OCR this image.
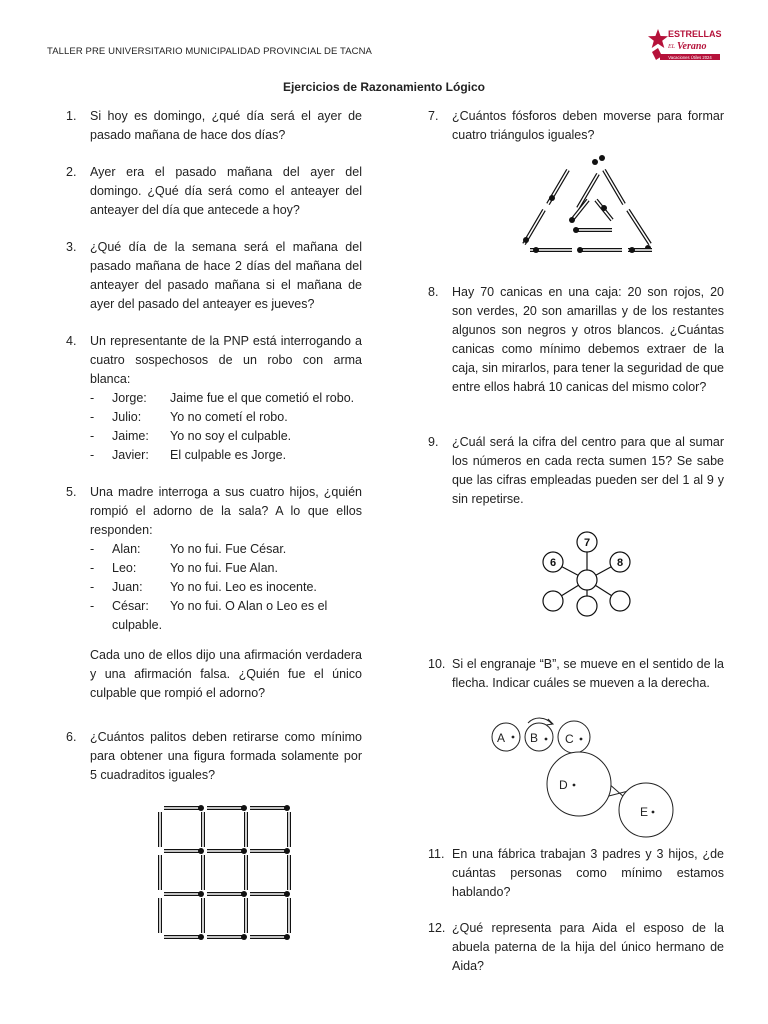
TALLER PRE UNIVERSITARIO MUNICIPALIDAD PROVINCIAL DE TACNA
ESTRELLAS
EL Verano
Vacaciones Útiles 2024
Ejercicios de Razonamiento Lógico
1.	Si hoy es domingo, ¿qué día será el ayer de pasado mañana de hace dos días?
2.	Ayer era el pasado mañana del ayer del domingo. ¿Qué día será como el anteayer del anteayer del día que antecede a hoy?
3.	¿Qué día de la semana será el mañana del pasado mañana de hace 2 días del mañana del anteayer del pasado mañana si el mañana de ayer del pasado del anteayer es jueves?
4.	Un representante de la PNP está interrogando a cuatro sospechosos de un robo con arma blanca:
- Jorge: Jaime fue el que cometió el robo.
- Julio: Yo no cometí el robo.
- Jaime: Yo no soy el culpable.
- Javier: El culpable es Jorge.
5.	Una madre interroga a sus cuatro hijos, ¿quién rompió el adorno de la sala? A lo que ellos responden:
- Alan: Yo no fui. Fue César.
- Leo:	Yo no fui. Fue Alan.
- Juan: Yo no fui. Leo es inocente.
- César: Yo no fui. O Alan o Leo es el culpable.
Cada uno de ellos dijo una afirmación verdadera y una afirmación falsa. ¿Quién fue el único culpable que rompió el adorno?
6.	¿Cuántos palitos deben retirarse como mínimo para obtener una figura formada solamente por 5 cuadraditos iguales?
7.	¿Cuántos fósforos deben moverse para formar cuatro triángulos iguales?
8.	Hay 70 canicas en una caja: 20 son rojos, 20 son verdes, 20 son amarillas y de los restantes algunos son negros y otros blancos. ¿Cuántas canicas como mínimo debemos extraer de la caja, sin mirarlos, para tener la seguridad de que entre ellos habrá 10 canicas del mismo color?
9.	¿Cuál será la cifra del centro para que al sumar los números en cada recta sumen 15? Se sabe que las cifras empleadas pueden ser del 1 al 9 y sin repetirse.
10. Si el engranaje “B”, se mueve en el sentido de la flecha. Indicar cuáles se mueven a la derecha.
11. En una fábrica trabajan 3 padres y 3 hijos, ¿de cuántas personas como mínimo estamos hablando?
12. ¿Qué representa para Aida el esposo de la abuela paterna de la hija del único hermano de Aida?
7
6	8
A B C
D
E
